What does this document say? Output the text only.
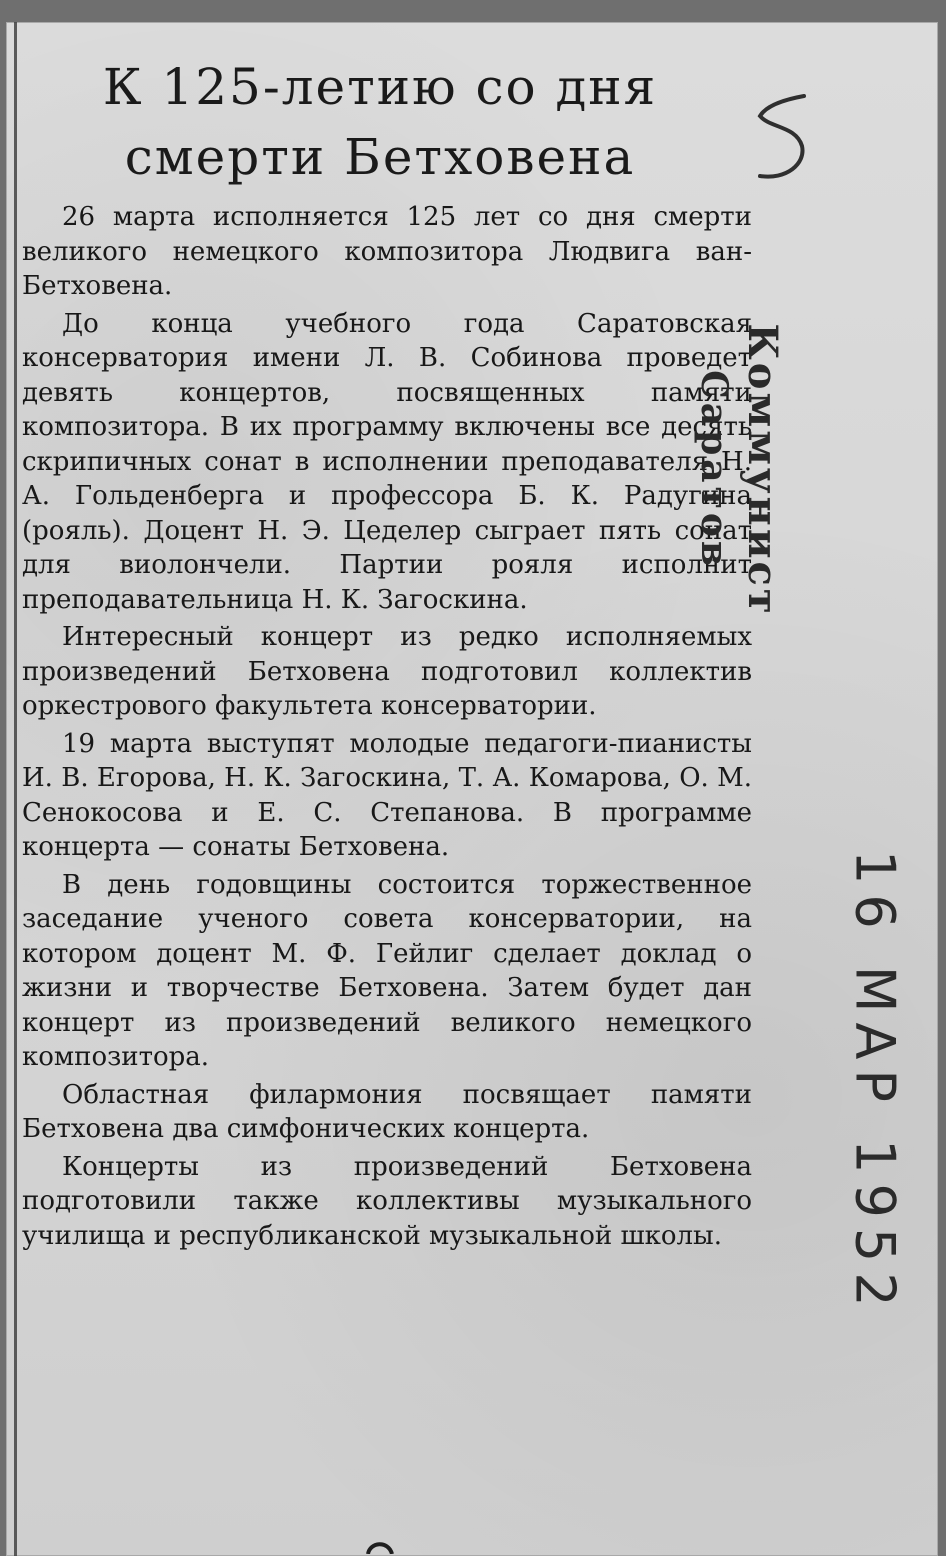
К 125-летию со дня смерти Бетховена

26 марта исполняется 125 лет со дня смерти великого немецкого композитора Людвига ван-Бетховена.

До конца учебного года Саратовская консерватория имени Л. В. Собинова проведет девять концертов, посвященных памяти композитора. В их программу включены все десять скрипичных сонат в исполнении преподавателя Н. А. Гольденберга и профессора Б. К. Радугина (рояль). Доцент Н. Э. Цеделер сыграет пять сонат для виолончели. Партии рояля исполнит преподавательница Н. К. Загоскина.

Интересный концерт из редко исполняемых произведений Бетховена подготовил коллектив оркестрового факультета консерватории.

19 марта выступят молодые педагоги-пианисты И. В. Егорова, Н. К. Загоскина, Т. А. Комарова, О. М. Сенокосова и Е. С. Степанова. В программе концерта — сонаты Бетховена.

В день годовщины состоится торжественное заседание ученого совета консерватории, на котором доцент М. Ф. Гейлиг сделает доклад о жизни и творчестве Бетховена. Затем будет дан концерт из произведений великого немецкого композитора.

Областная филармония посвящает памяти Бетховена два симфонических концерта.

Концерты из произведений Бетховена подготовили также коллективы музыкального училища и республиканской музыкальной школы.

Коммунист
Саратов
16 МАР 1952
